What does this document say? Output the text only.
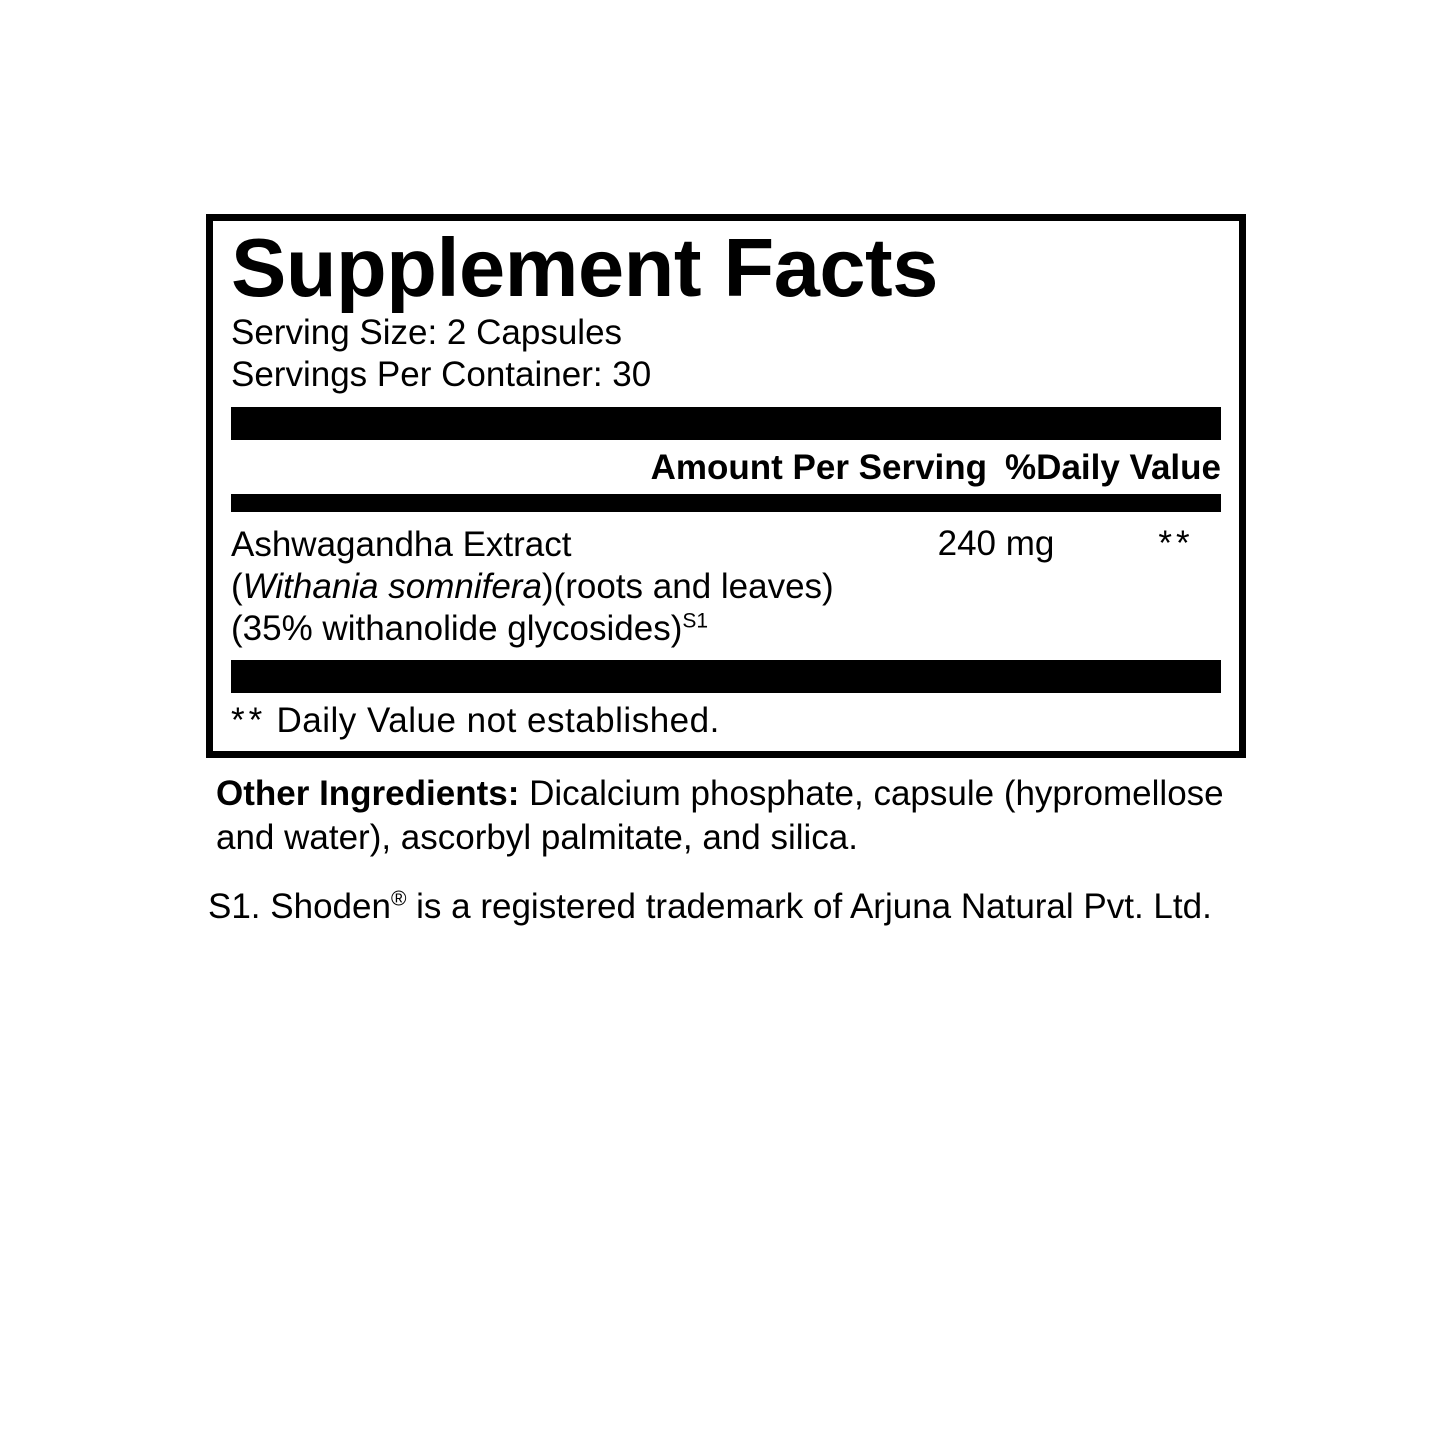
Supplement Facts
Serving Size: 2 Capsules
Servings Per Container: 30
Amount Per Serving %Daily Value
Ashwagandha Extract
(Withania somnifera)(roots and leaves)
(35% withanolide glycosides)$^{S1}$
240 mg	**
** Daily Value not established.
Other Ingredients: Dicalcium phosphate, capsule (hypromellose and water), ascorbyl palmitate, and silica.
S1. Shoden® is a registered trademark of Arjuna Natural Pvt. Ltd.
